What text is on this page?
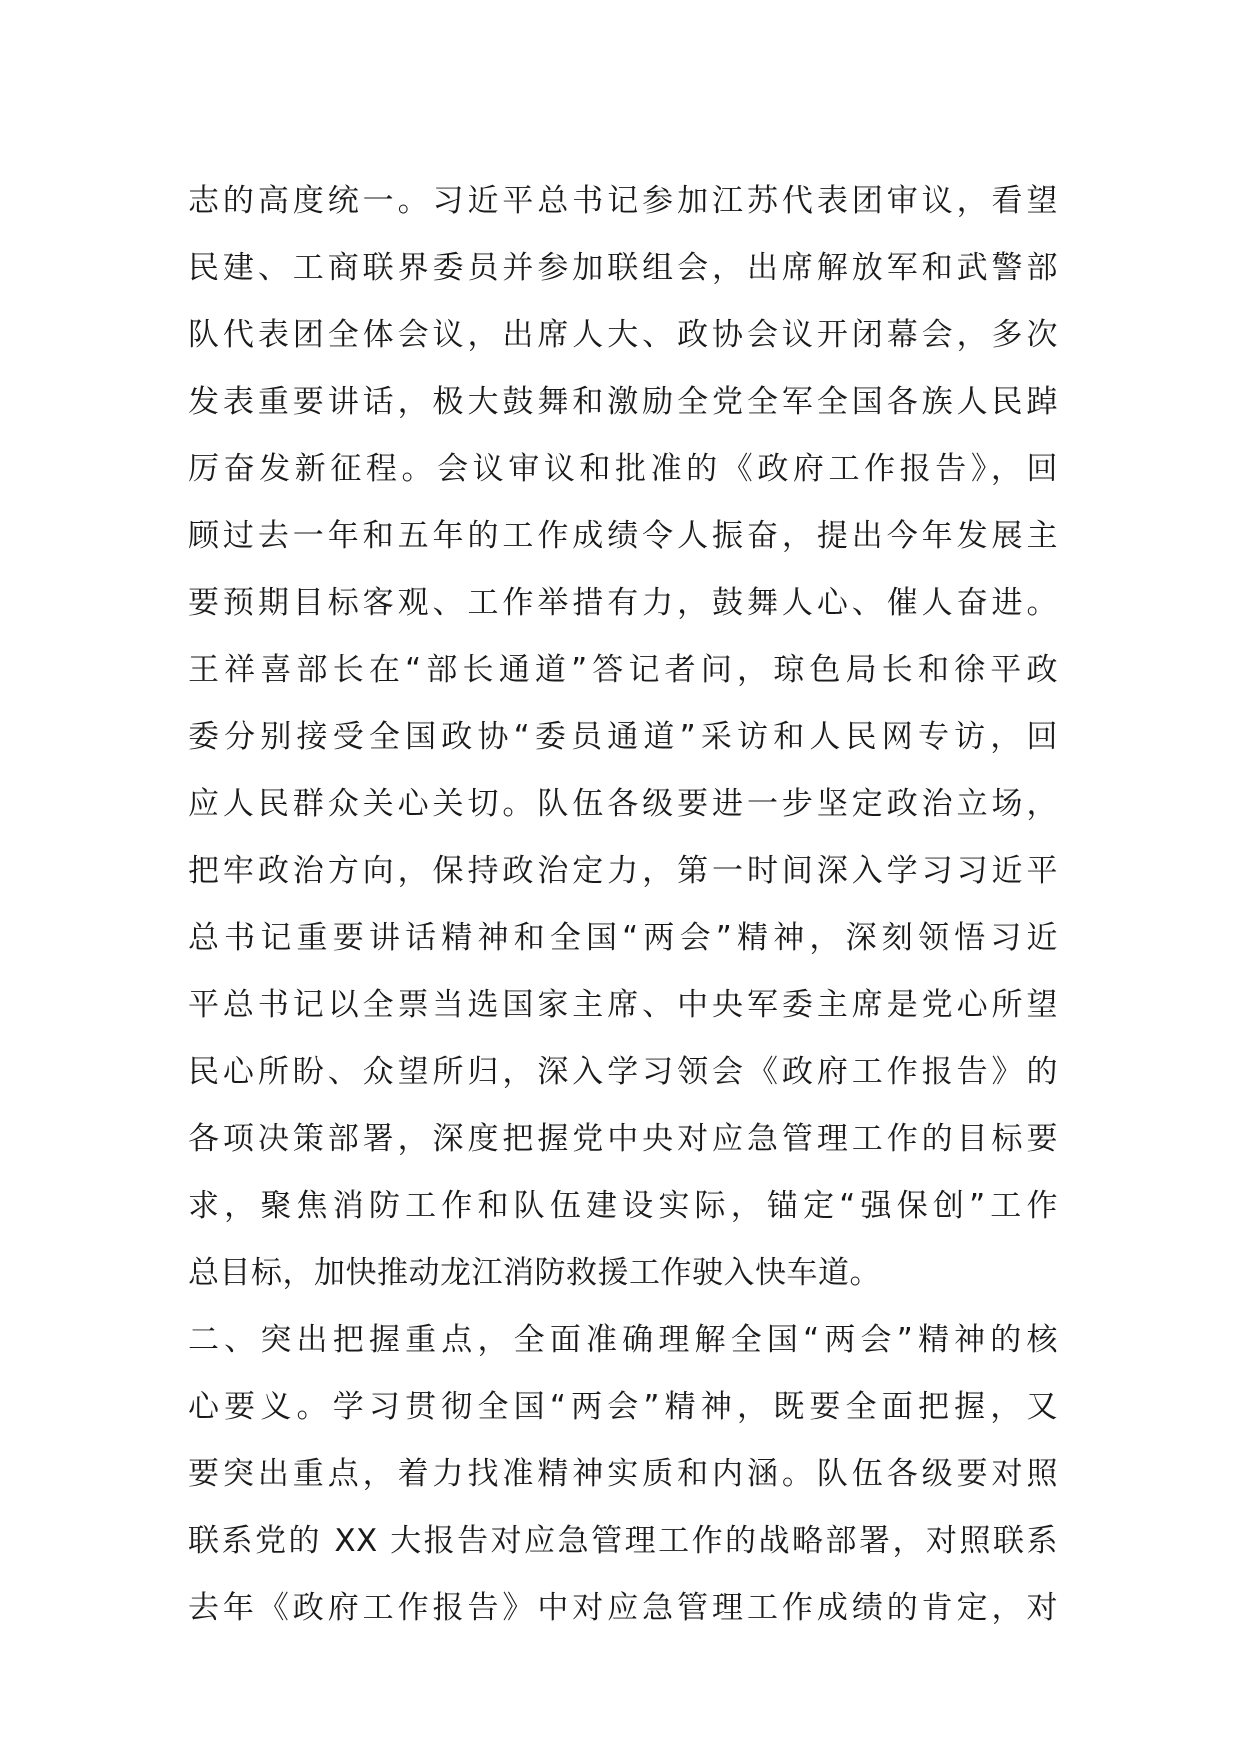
志的高度统一。习近平总书记参加江苏代表团审议，看望
民建、工商联界委员并参加联组会，出席解放军和武警部
队代表团全体会议，出席人大、政协会议开闭幕会，多次
发表重要讲话，极大鼓舞和激励全党全军全国各族人民踔
厉奋发新征程。会议审议和批准的《政府工作报告》，回
顾过去一年和五年的工作成绩令人振奋，提出今年发展主
要预期目标客观、工作举措有力，鼓舞人心、催人奋进。
王祥喜部长在“部长通道”答记者问，琼色局长和徐平政
委分别接受全国政协“委员通道”采访和人民网专访，回
应人民群众关心关切。队伍各级要进一步坚定政治立场，
把牢政治方向，保持政治定力，第一时间深入学习习近平
总书记重要讲话精神和全国“两会”精神，深刻领悟习近
平总书记以全票当选国家主席、中央军委主席是党心所望
民心所盼、众望所归，深入学习领会《政府工作报告》的
各项决策部署，深度把握党中央对应急管理工作的目标要
求，聚焦消防工作和队伍建设实际，锚定“强保创”工作
总目标，加快推动龙江消防救援工作驶入快车道。
二、突出把握重点，全面准确理解全国“两会”精神的核
心要义。学习贯彻全国“两会”精神，既要全面把握，又
要突出重点，着力找准精神实质和内涵。队伍各级要对照
联系党的 XX 大报告对应急管理工作的战略部署，对照联系
去年《政府工作报告》中对应急管理工作成绩的肯定，对
